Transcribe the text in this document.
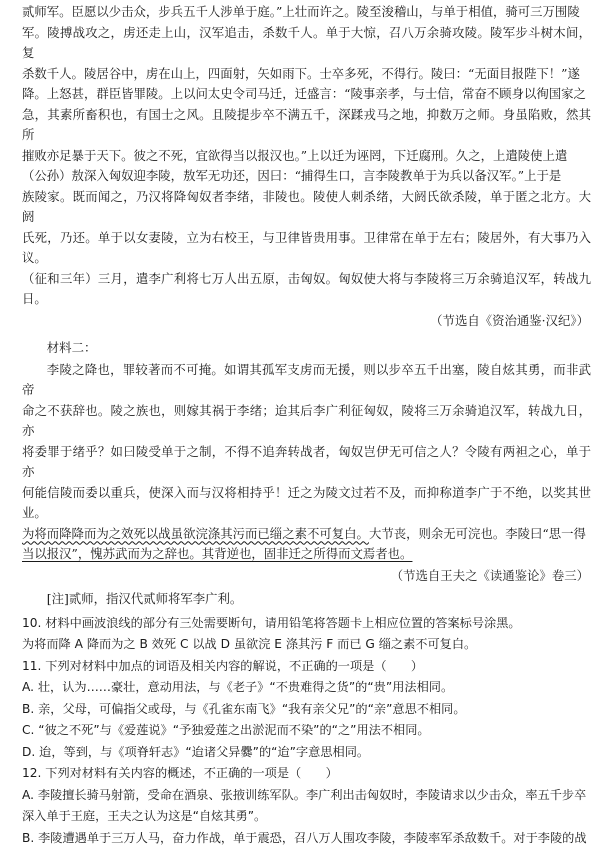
贰师军。臣愿以少击众，步兵五千人涉单于庭。”上壮而许之。陵至浚稽山，与单于相值，骑可三万围陵

军。陵搏战攻之，虏还走上山，汉军追击，杀数千人。单于大惊，召八万余骑攻陵。陵军步斗树木间，复

杀数千人。陵居谷中，虏在山上，四面射，矢如雨下。士卒多死，不得行。陵曰：“无面目报陛下！”遂

降。上怒甚，群臣皆罪陵。上以问太史令司马迁，迁盛言：“陵事亲孝，与士信，常奋不顾身以徇国家之

急，其素所畜积也，有国士之风。且陵提步卒不满五千，深蹂戎马之地，抑数万之师。身虽陷败，然其所

摧败亦足暴于天下。彼之不死，宜欲得当以报汉也。”上以迁为诬罔，下迁腐刑。久之，上遣陵使上遣

（公孙）敖深入匈奴迎李陵，敖军无功还，因曰：“捕得生口，言李陵教单于为兵以备汉军。”上于是

族陵家。既而闻之，乃汉将降匈奴者李绪，非陵也。陵使人刺杀绪，大阏氏欲杀陵，单于匿之北方。大阏

氏死，乃还。单于以女妻陵，立为右校王，与卫律皆贵用事。卫律常在单于左右；陵居外，有大事乃入议。

（征和三年）三月，遣李广利将七万人出五原，击匈奴。匈奴使大将与李陵将三万余骑追汉军，转战九日。

（节选自《资治通鉴·汉纪》）

材料二：

李陵之降也，罪较著而不可掩。如谓其孤军支虏而无援，则以步卒五千出塞，陵自炫其勇，而非武帝

命之不获辞也。陵之族也，则嫁其祸于李绪；迨其后李广利征匈奴，陵将三万余骑追汉军，转战九日，亦

将委罪于绪乎？如曰陵受单于之制，不得不追奔转战者，匈奴岂伊无可信之人？令陵有两袒之心，单于亦

何能信陵而委以重兵，使深入而与汉将相持乎！迁之为陵文过若不及，而抑称道李广于不绝，以奖其世业。

为将而降降而为之效死以战虽欲浣涤其污而已缁之素不可复白。大节丧，则余无可浣也。李陵曰“思一得

当以报汉”，愧苏武而为之辞也。其背逆也，固非迁之所得而文焉者也。

（节选自王夫之《读通鉴论》卷三）

[注]贰师，指汉代贰师将军李广利。

10. 材料中画波浪线的部分有三处需要断句，请用铅笔将答题卡上相应位置的答案标号涂黑。

为将而降 A 降而为之 B 效死 C 以战 D 虽欲浣 E 涤其污 F 而已 G 缁之素不可复白。

11. 下列对材料中加点的词语及相关内容的解说，不正确的一项是（　　）

A. 壮，认为……豪壮，意动用法，与《老子》“不贵难得之货”的“贵”用法相同。

B. 亲，父母，可偏指父或母，与《孔雀东南飞》“我有亲父兄”的“亲”意思不相同。

C. “彼之不死”与《爱莲说》“予独爱莲之出淤泥而不染”的“之”用法不相同。

D. 迨，等到，与《项脊轩志》“迨诸父异爨”的“迨”字意思相同。

12. 下列对材料有关内容的概述，不正确的一项是（　　）

A. 李陵擅长骑马射箭，受命在酒泉、张掖训练军队。李广利出击匈奴时，李陵请求以少击众，率五千步卒

深入单于王庭，王夫之认为这是“自炫其勇”。

B. 李陵遭遇单于三万人马，奋力作战，单于震恐，召八万人围攻李陵，李陵率军杀敌数千。对于李陵的战
